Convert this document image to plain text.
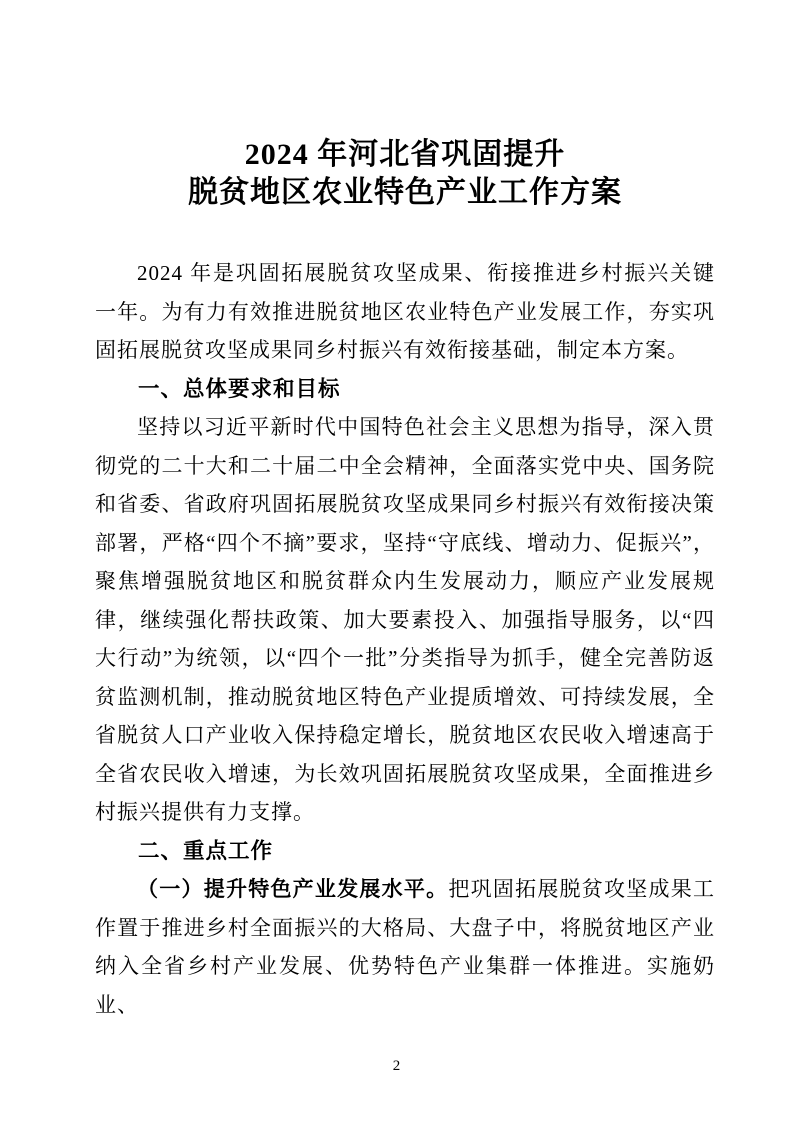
2024 年河北省巩固提升
脱贫地区农业特色产业工作方案

2024 年是巩固拓展脱贫攻坚成果、衔接推进乡村振兴关键一年。为有力有效推进脱贫地区农业特色产业发展工作，夯实巩固拓展脱贫攻坚成果同乡村振兴有效衔接基础，制定本方案。

一、总体要求和目标

坚持以习近平新时代中国特色社会主义思想为指导，深入贯彻党的二十大和二十届二中全会精神，全面落实党中央、国务院和省委、省政府巩固拓展脱贫攻坚成果同乡村振兴有效衔接决策部署，严格“四个不摘”要求，坚持“守底线、增动力、促振兴”，聚焦增强脱贫地区和脱贫群众内生发展动力，顺应产业发展规律，继续强化帮扶政策、加大要素投入、加强指导服务，以“四大行动”为统领，以“四个一批”分类指导为抓手，健全完善防返贫监测机制，推动脱贫地区特色产业提质增效、可持续发展，全省脱贫人口产业收入保持稳定增长，脱贫地区农民收入增速高于全省农民收入增速，为长效巩固拓展脱贫攻坚成果，全面推进乡村振兴提供有力支撑。

二、重点工作

（一）提升特色产业发展水平。把巩固拓展脱贫攻坚成果工作置于推进乡村全面振兴的大格局、大盘子中，将脱贫地区产业纳入全省乡村产业发展、优势特色产业集群一体推进。实施奶业、

2
